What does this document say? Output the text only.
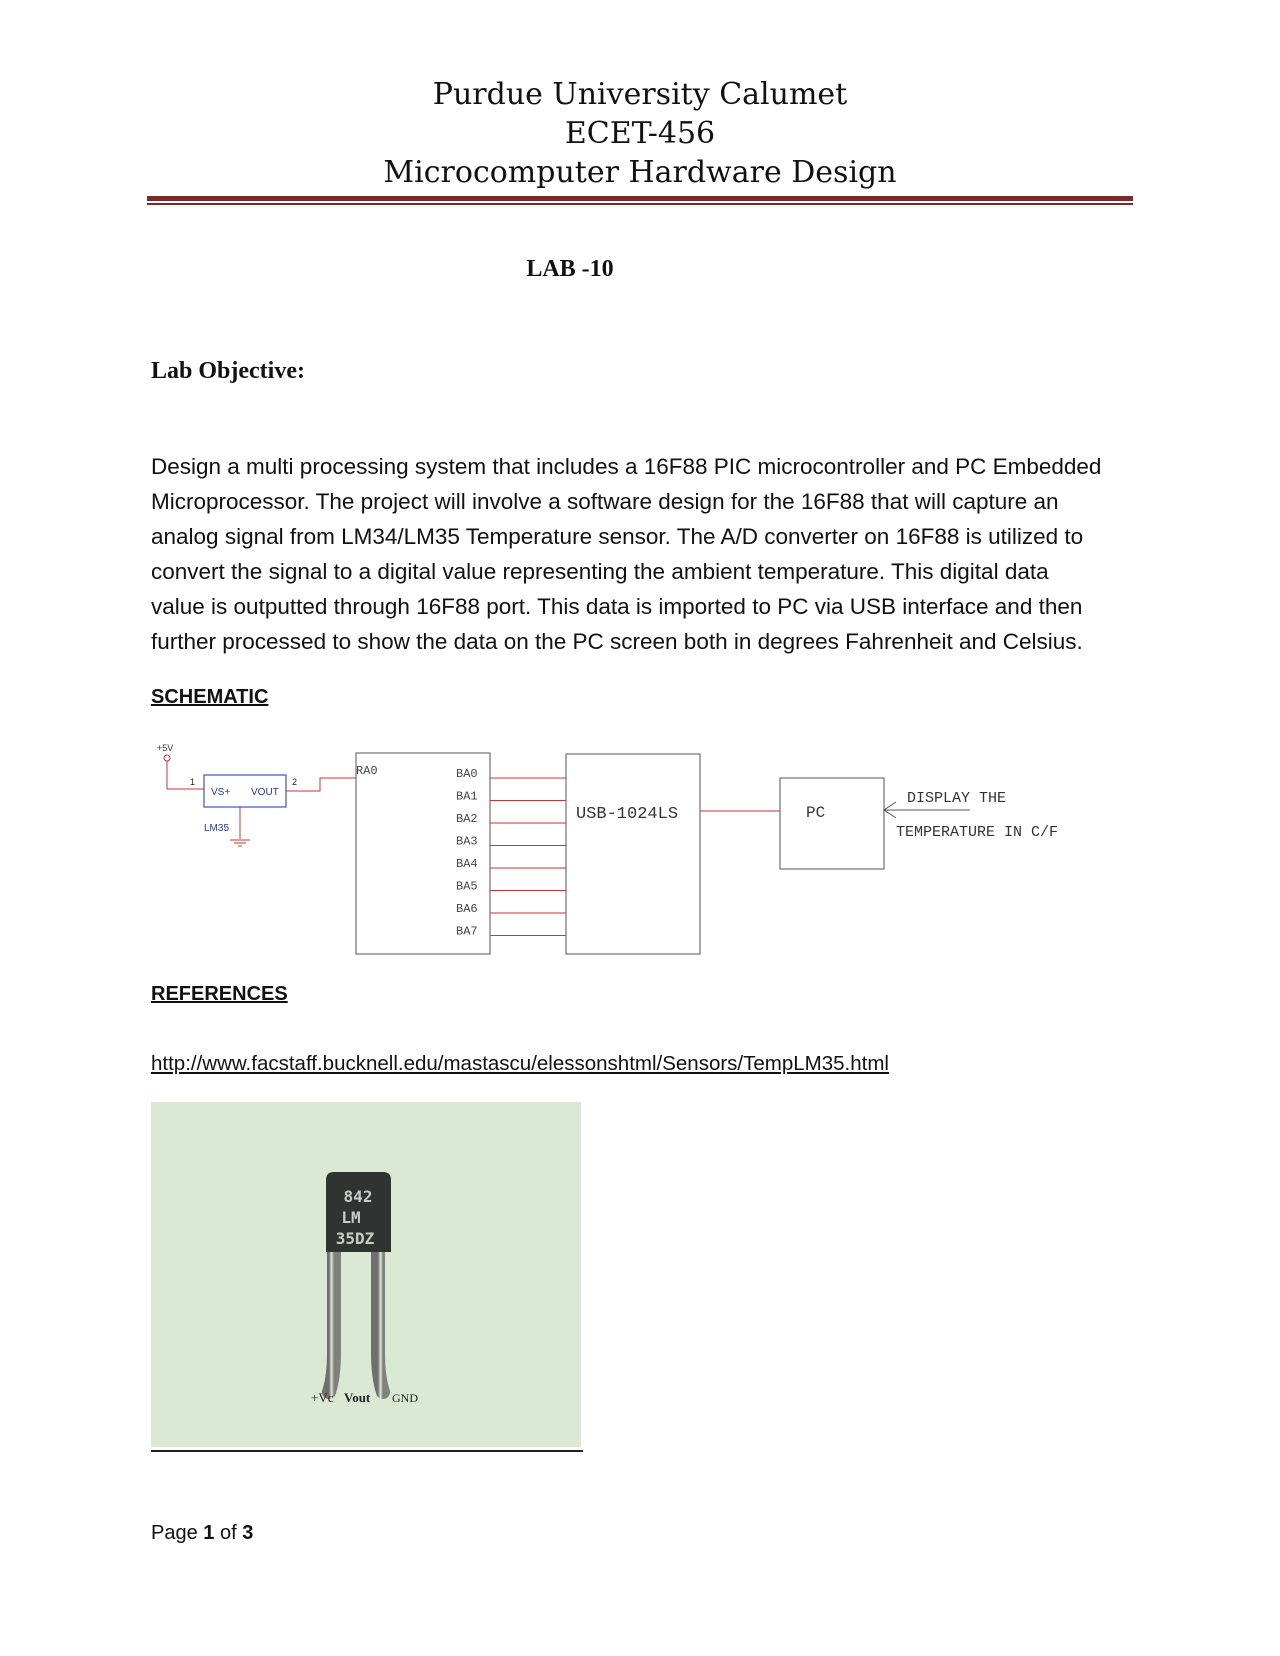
Purdue University Calumet
ECET-456
Microcomputer Hardware Design
LAB -10
Lab Objective:
Design a multi processing system that includes a 16F88 PIC microcontroller and PC Embedded
Microprocessor. The project will involve a software design for the 16F88 that will capture an
analog signal from LM34/LM35 Temperature sensor. The A/D converter on 16F88 is utilized to
convert the signal to a digital value representing the ambient temperature. This digital data
value is outputted through 16F88 port. This data is imported to PC via USB interface and then
further processed to show the data on the PC screen both in degrees Fahrenheit and Celsius.
SCHEMATIC
+5V
1
VS+ VOUT
LM35
2
RA0	BA0
BA1
BA2
BA3
BA4
BA5
BA6
BA7
USB-1024LS	PC
DISPLAY THE
TEMPERATURE IN C/F
REFERENCES
http://www.facstaff.bucknell.edu/mastascu/elessonshtml/Sensors/TempLM35.html
842
LM
35DZ
+Vc Vout GND
Page 1 of 3
